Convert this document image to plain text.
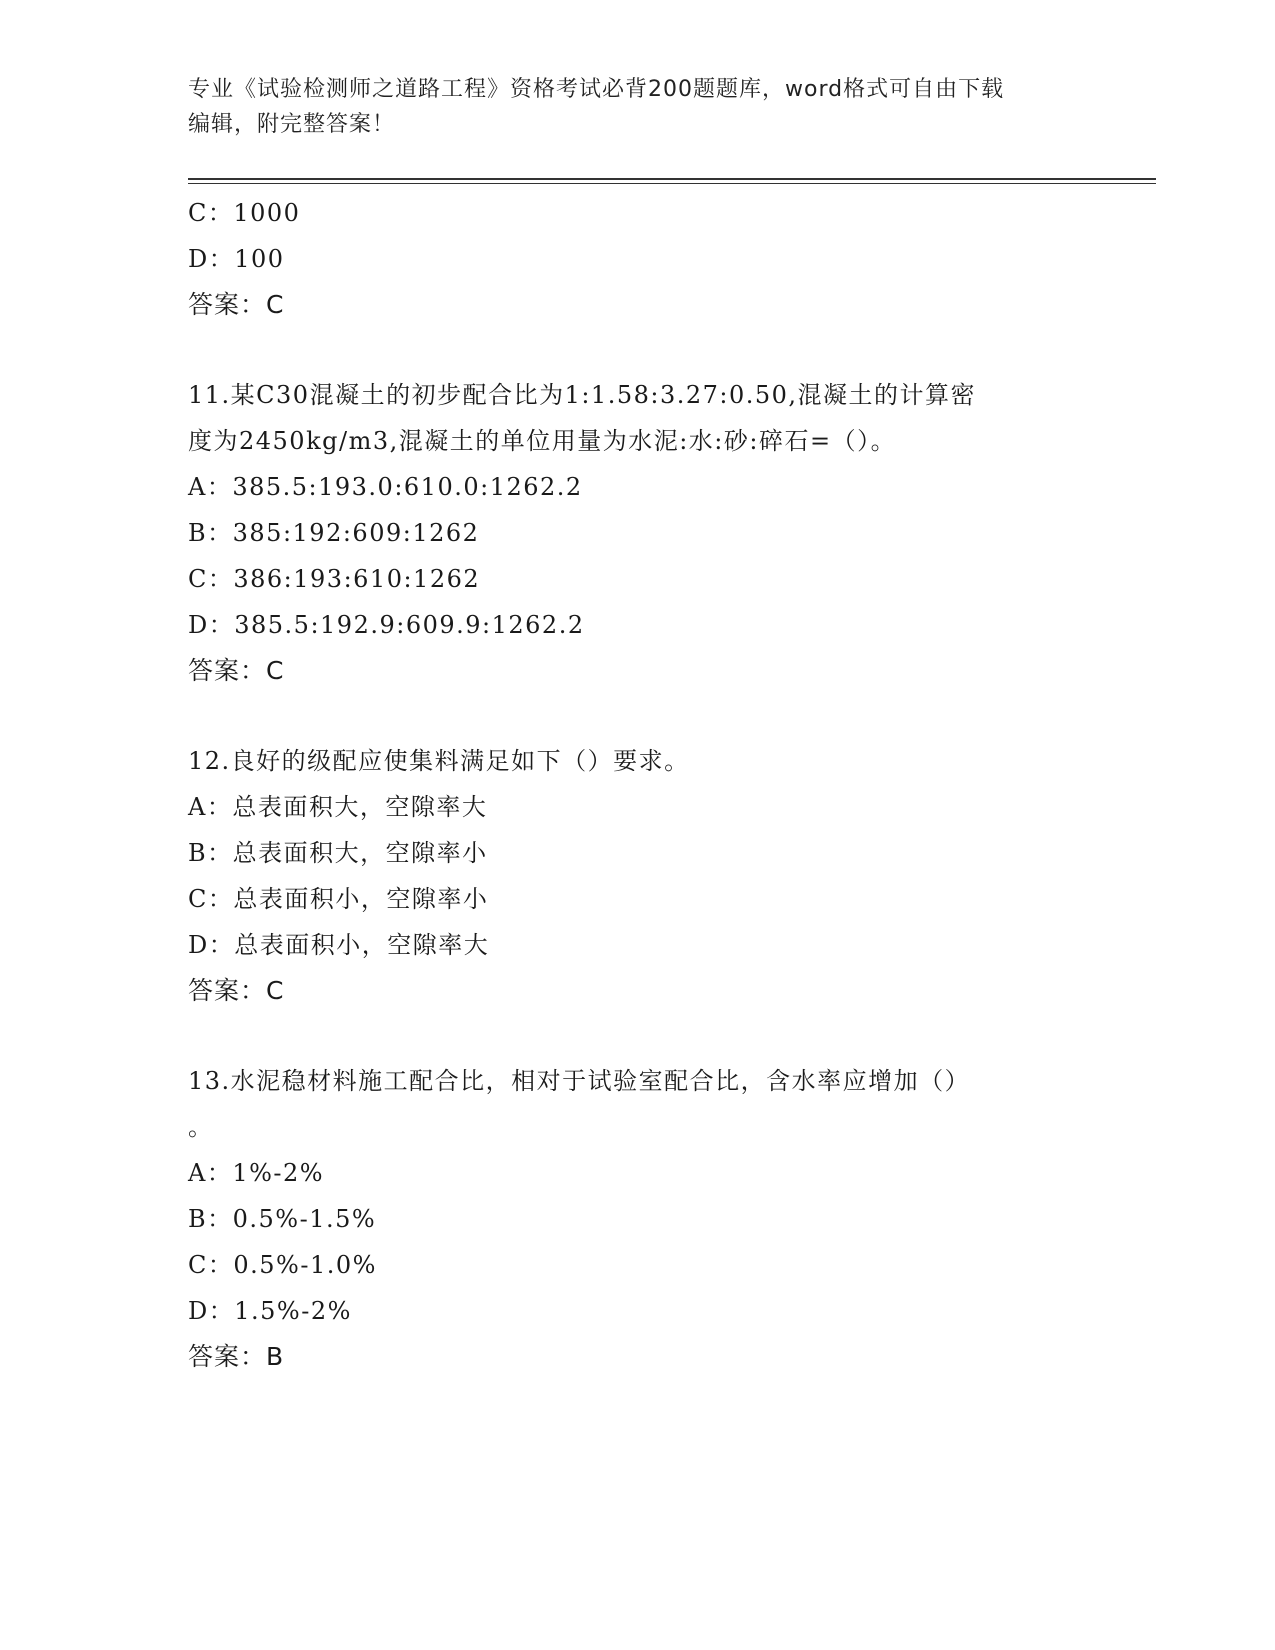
专业《试验检测师之道路工程》资格考试必背200题题库，word格式可自由下载
编辑，附完整答案！
C：1000
D：100
答案：C
11.某C30混凝土的初步配合比为1:1.58:3.27:0.50,混凝土的计算密
度为2450kg/m3,混凝土的单位用量为水泥:水:砂:碎石=（）。
A：385.5:193.0:610.0:1262.2
B：385:192:609:1262
C：386:193:610:1262
D：385.5:192.9:609.9:1262.2
答案：C
12.良好的级配应使集料满足如下（）要求。
A：总表面积大，空隙率大
B：总表面积大，空隙率小
C：总表面积小，空隙率小
D：总表面积小，空隙率大
答案：C
13.水泥稳材料施工配合比，相对于试验室配合比，含水率应增加（）
。
A：1%-2%
B：0.5%-1.5%
C：0.5%-1.0%
D：1.5%-2%
答案：B
